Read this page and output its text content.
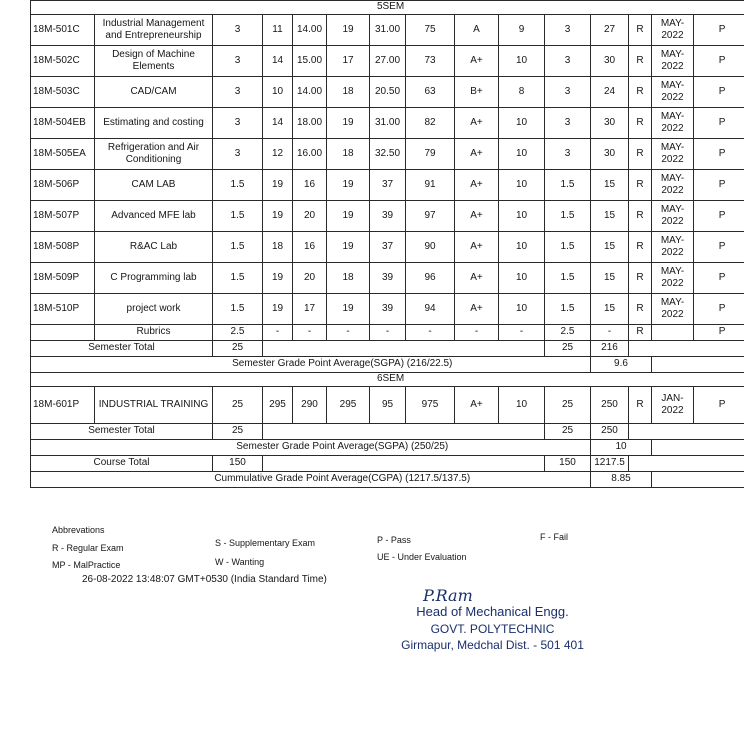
5SEM														
18M-501C	Industrial Management and Entrepreneurship	3	11	14.00	19	31.00	75	A	9	3	27	R	MAY-2022	P
18M-502C	Design of Machine Elements	3	14	15.00	17	27.00	73	A+	10	3	30	R	MAY-2022	P
18M-503C	CAD/CAM	3	10	14.00	18	20.50	63	B+	8	3	24	R	MAY-2022	P
18M-504EB	Estimating and costing	3	14	18.00	19	31.00	82	A+	10	3	30	R	MAY-2022	P
18M-505EA	Refrigeration and Air Conditioning	3	12	16.00	18	32.50	79	A+	10	3	30	R	MAY-2022	P
18M-506P	CAM LAB	1.5	19	16	19	37	91	A+	10	1.5	15	R	MAY-2022	P
18M-507P	Advanced MFE lab	1.5	19	20	19	39	97	A+	10	1.5	15	R	MAY-2022	P
18M-508P	R&AC Lab	1.5	18	16	19	37	90	A+	10	1.5	15	R	MAY-2022	P
18M-509P	C Programming lab	1.5	19	20	18	39	96	A+	10	1.5	15	R	MAY-2022	P
18M-510P	project work	1.5	19	17	19	39	94	A+	10	1.5	15	R	MAY-2022	P
	Rubrics	2.5	-	-	-	-	-	-	-	2.5	-	R		P
Semester Total		25								25	216			
	Semester Grade Point Average(SGPA) (216/22.5)										9.6			
6SEM														
18M-601P	INDUSTRIAL TRAINING	25	295	290	295	95	975	A+	10	25	250	R	JAN-2022	P
Semester Total		25								25	250			
	Semester Grade Point Average(SGPA) (250/25)										10			
Course Total		150								150	1217.5			
	Cummulative Grade Point Average(CGPA) (1217.5/137.5)										8.85			
Abbrevations
R - Regular Exam	S - Supplementary Exam	P - Pass	F - Fail
MP - MalPractice	W - Wanting	UE - Under Evaluation
26-08-2022 13:48:07 GMT+0530 (India Standard Time)
P.Ram
Head of Mechanical Engg.
GOVT. POLYTECHNIC
Girmapur, Medchal Dist. - 501 401
